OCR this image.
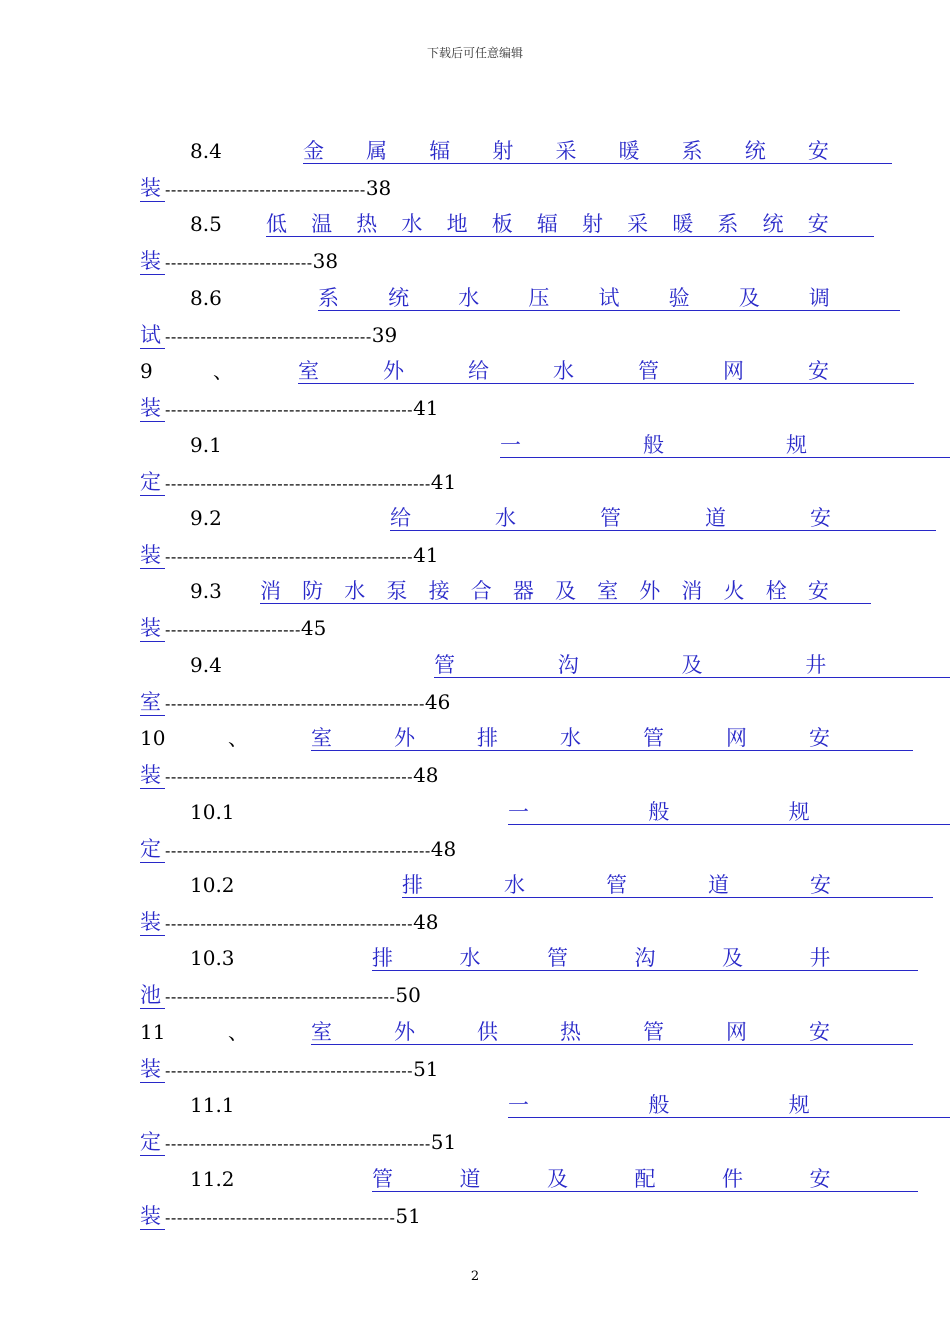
下载后可任意编辑
8.4	金 属 辐 射 采 暖 系 统 安

装 ----------------------------------38
8.5 低 温 热 水 地 板 辐 射 采 暖 系 统 安

装 -------------------------38
8.6	系 统 水 压 试 验 及 调

试 -----------------------------------39
9	、	室	外	给	水	管	网	安

装 ------------------------------------------41
9.1	一	般	规

定 ---------------------------------------------41
9.2	给	水	管	道	安

装 ------------------------------------------41
9.3 消 防 水 泵 接 合 器 及 室 外 消 火 栓 安

装 -----------------------45
9.4	管	沟	及	井

室 --------------------------------------------46
10	、	室	外	排	水	管	网	安

装 ------------------------------------------48
10.1	一	般	规

定 ---------------------------------------------48
10.2	排	水	管	道	安

装 ------------------------------------------48
10.3	排	水	管	沟	及	井

池 ---------------------------------------50
11	、	室	外	供	热	管	网	安

装 ------------------------------------------51
11.1	一	般	规

定 ---------------------------------------------51
11.2	管	道	及	配	件	安

装 ---------------------------------------51
2
